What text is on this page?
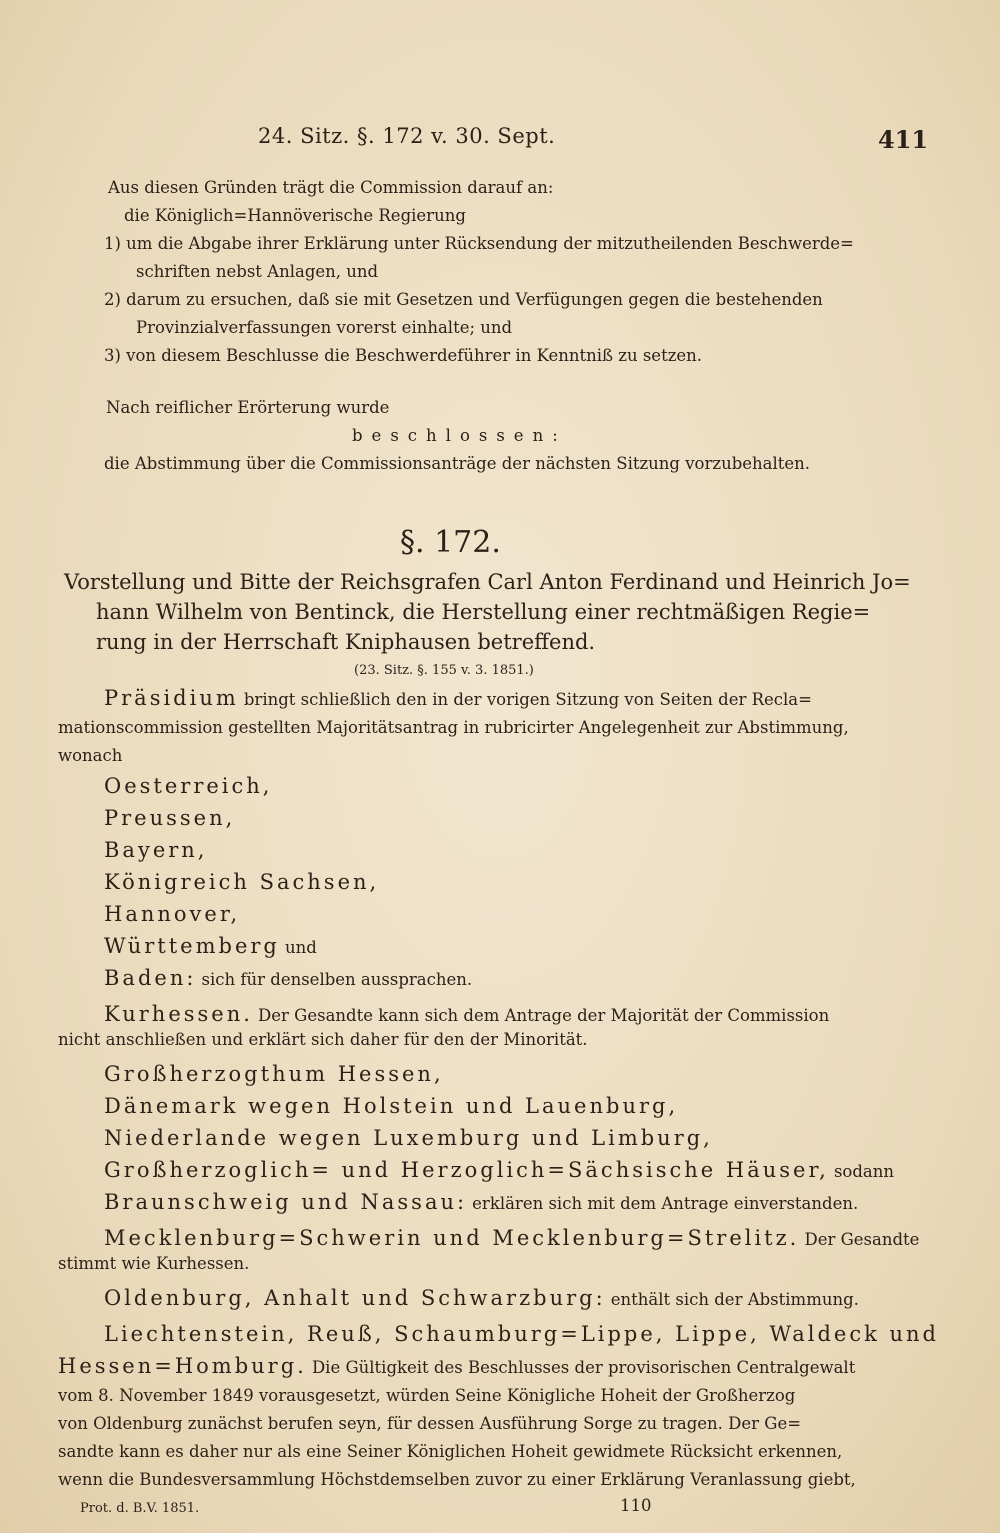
24. Sitz. §. 172 v. 30. Sept.	411
Aus diesen Gründen trägt die Commission darauf an:
die Königlich=Hannöverische Regierung
1) um die Abgabe ihrer Erklärung unter Rücksendung der mitzutheilenden Beschwerde=
schriften nebst Anlagen, und
2) darum zu ersuchen, daß sie mit Gesetzen und Verfügungen gegen die bestehenden
Provinzialverfassungen vorerst einhalte; und
3) von diesem Beschlusse die Beschwerdeführer in Kenntniß zu setzen.
Nach reiflicher Erörterung wurde
beschlossen:
die Abstimmung über die Commissionsanträge der nächsten Sitzung vorzubehalten.
§. 172.
Vorstellung und Bitte der Reichsgrafen Carl Anton Ferdinand und Heinrich Jo=
hann Wilhelm von Bentinck, die Herstellung einer rechtmäßigen Regie=
rung in der Herrschaft Kniphausen betreffend.
(23. Sitz. §. 155 v. 3. 1851.)
Präsidium bringt schließlich den in der vorigen Sitzung von Seiten der Recla=
mationscommission gestellten Majoritätsantrag in rubricirter Angelegenheit zur Abstimmung,
wonach
Oesterreich,
Preussen,
Bayern,
Königreich Sachsen,
Hannover,
Württemberg und
Baden: sich für denselben aussprachen.
Kurhessen. Der Gesandte kann sich dem Antrage der Majorität der Commission
nicht anschließen und erklärt sich daher für den der Minorität.
Großherzogthum Hessen,
Dänemark wegen Holstein und Lauenburg,
Niederlande wegen Luxemburg und Limburg,
Großherzoglich= und Herzoglich=Sächsische Häuser, sodann
Braunschweig und Nassau: erklären sich mit dem Antrage einverstanden.
Mecklenburg=Schwerin und Mecklenburg=Strelitz. Der Gesandte
stimmt wie Kurhessen.
Oldenburg, Anhalt und Schwarzburg: enthält sich der Abstimmung.
Liechtenstein, Reuß, Schaumburg=Lippe, Lippe, Waldeck und
Hessen=Homburg. Die Gültigkeit des Beschlusses der provisorischen Centralgewalt
vom 8. November 1849 vorausgesetzt, würden Seine Königliche Hoheit der Großherzog
von Oldenburg zunächst berufen seyn, für dessen Ausführung Sorge zu tragen. Der Ge=
sandte kann es daher nur als eine Seiner Königlichen Hoheit gewidmete Rücksicht erkennen,
wenn die Bundesversammlung Höchstdemselben zuvor zu einer Erklärung Veranlassung giebt,
Prot. d. B.V. 1851.	110
